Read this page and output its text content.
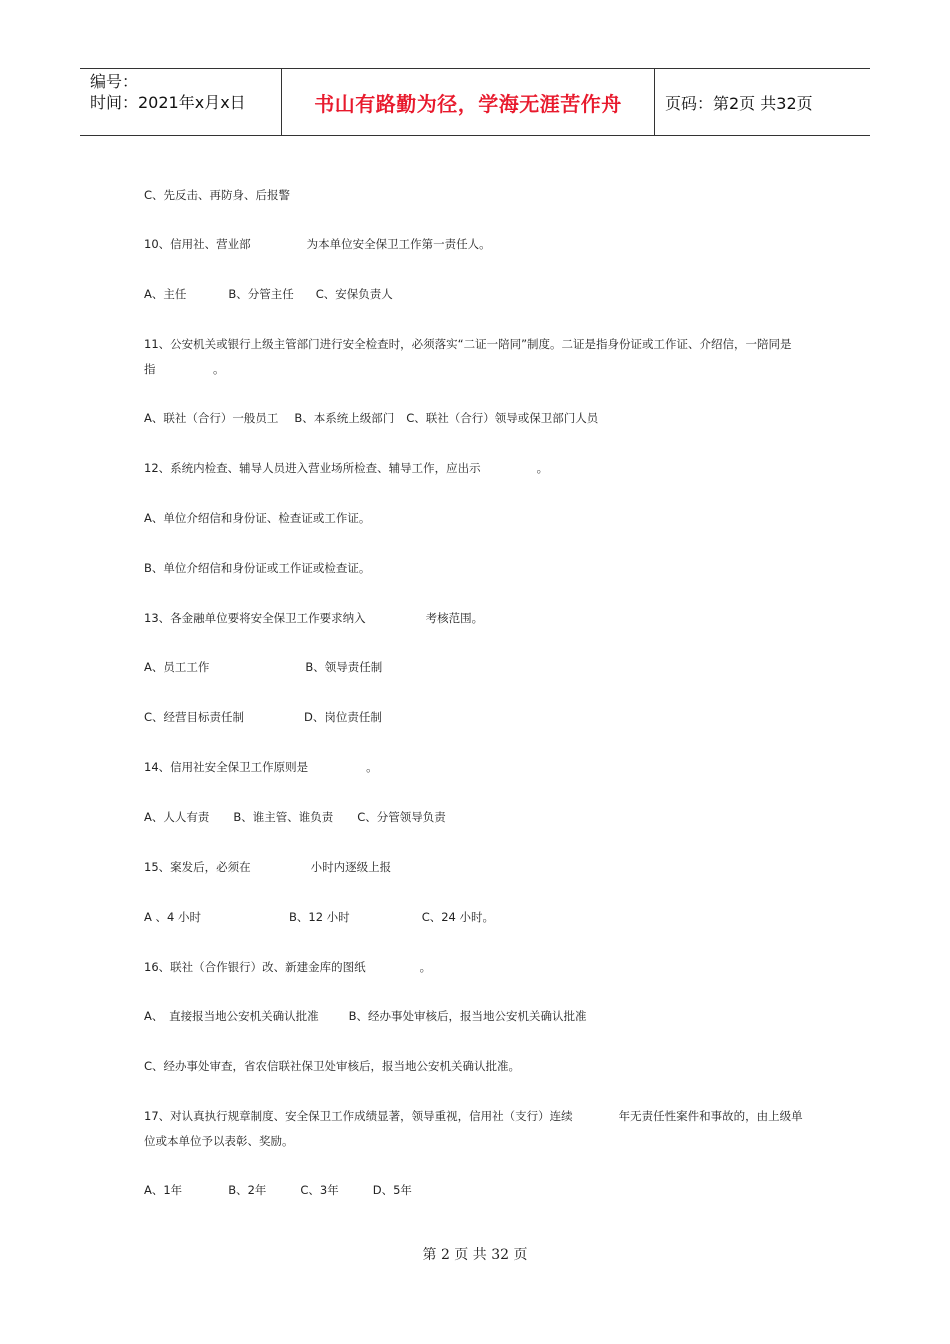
编号：
时间：2021年x月x日	书山有路勤为径，学海无涯苦作舟	页码：第2页 共32页
C、先反击、再防身、后报警
10、信用社、营业部	为本单位安全保卫工作第一责任人。
A、主任	B、分管主任 C、安保负责人
11、公安机关或银行上级主管部门进行安全检查时，必须落实“二证一陪同”制度。二证是指身份证或工作证、介绍信，一陪同是指　　　　　。
A、联社（合行）一般员工 B、本系统上级部门 C、联社（合行）领导或保卫部门人员
12、系统内检查、辅导人员进入营业场所检查、辅导工作，应出示	。
A、单位介绍信和身份证、检查证或工作证。
B、单位介绍信和身份证或工作证或检查证。
13、各金融单位要将安全保卫工作要求纳入	考核范围。
A、员工工作	B、领导责任制
C、经营目标责任制	D、岗位责任制
14、信用社安全保卫工作原则是	。
A、人人有责 B、谁主管、谁负责 C、分管领导负责
15、案发后，必须在	小时内逐级上报
A 、4 小时	B、12 小时	C、24 小时。
16、联社（合作银行）改、新建金库的图纸	。
A、　直接报当地公安机关确认批准	B、经办事处审核后，报当地公安机关确认批准
C、经办事处审查，省农信联社保卫处审核后，报当地公安机关确认批准。
17、对认真执行规章制度、安全保卫工作成绩显著，领导重视，信用社（支行）连续　　　　年无责任性案件和事故的，由上级单位或本单位予以表彰、奖励。
A、1年	B、2年	C、3年	D、5年
第 2 页 共 32 页
